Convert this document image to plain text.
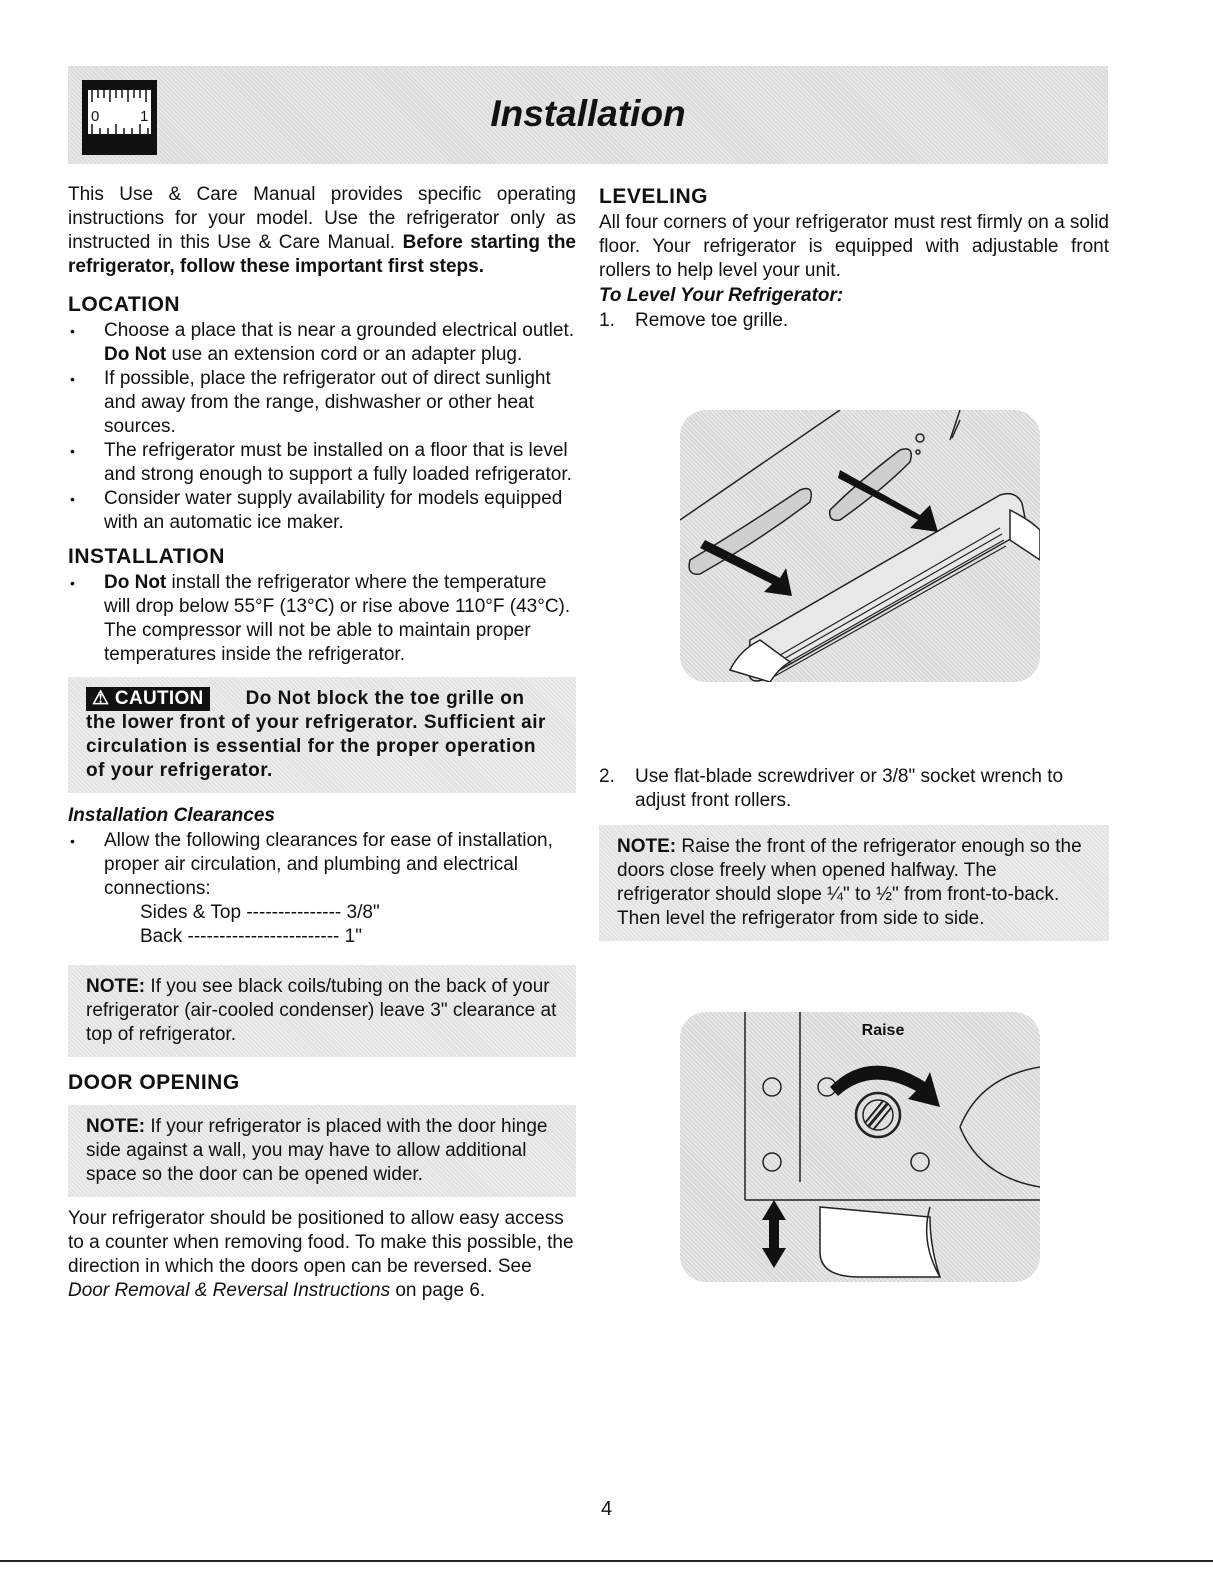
0	1	Installation

This Use & Care Manual provides specific operating instructions for your model. Use the refrigerator only as instructed in this Use & Care Manual. Before starting the refrigerator, follow these important first steps.

LOCATION
• Choose a place that is near a grounded electrical outlet. Do Not use an extension cord or an adapter plug.
• If possible, place the refrigerator out of direct sunlight and away from the range, dishwasher or other heat sources.
• The refrigerator must be installed on a floor that is level and strong enough to support a fully loaded refrigerator.
• Consider water supply availability for models equipped with an automatic ice maker.
INSTALLATION
• Do Not install the refrigerator where the temperature will drop below 55°F (13°C) or rise above 110°F (43°C). The compressor will not be able to maintain proper temperatures inside the refrigerator.
⚠ CAUTION Do Not block the toe grille on the lower front of your refrigerator. Sufficient air circulation is essential for the proper operation of your refrigerator.
Installation Clearances
• Allow the following clearances for ease of installation, proper air circulation, and plumbing and electrical connections:
Sides & Top --------------- 3/8"
Back ------------------------ 1"
NOTE: If you see black coils/tubing on the back of your refrigerator (air-cooled condenser) leave 3" clearance at top of refrigerator.
DOOR OPENING
NOTE: If your refrigerator is placed with the door hinge side against a wall, you may have to allow additional space so the door can be opened wider.

Your refrigerator should be positioned to allow easy access to a counter when removing food. To make this possible, the direction in which the doors open can be reversed. See Door Removal & Reversal Instructions on page 6.

LEVELING

All four corners of your refrigerator must rest firmly on a solid floor. Your refrigerator is equipped with adjustable front rollers to help level your unit.

To Level Your Refrigerator:
1. Remove toe grille.
2. Use flat-blade screwdriver or 3/8" socket wrench to adjust front rollers.
NOTE: Raise the front of the refrigerator enough so the doors close freely when opened halfway. The refrigerator should slope ¼" to ½" from front-to-back. Then level the refrigerator from side to side.
Raise
4
